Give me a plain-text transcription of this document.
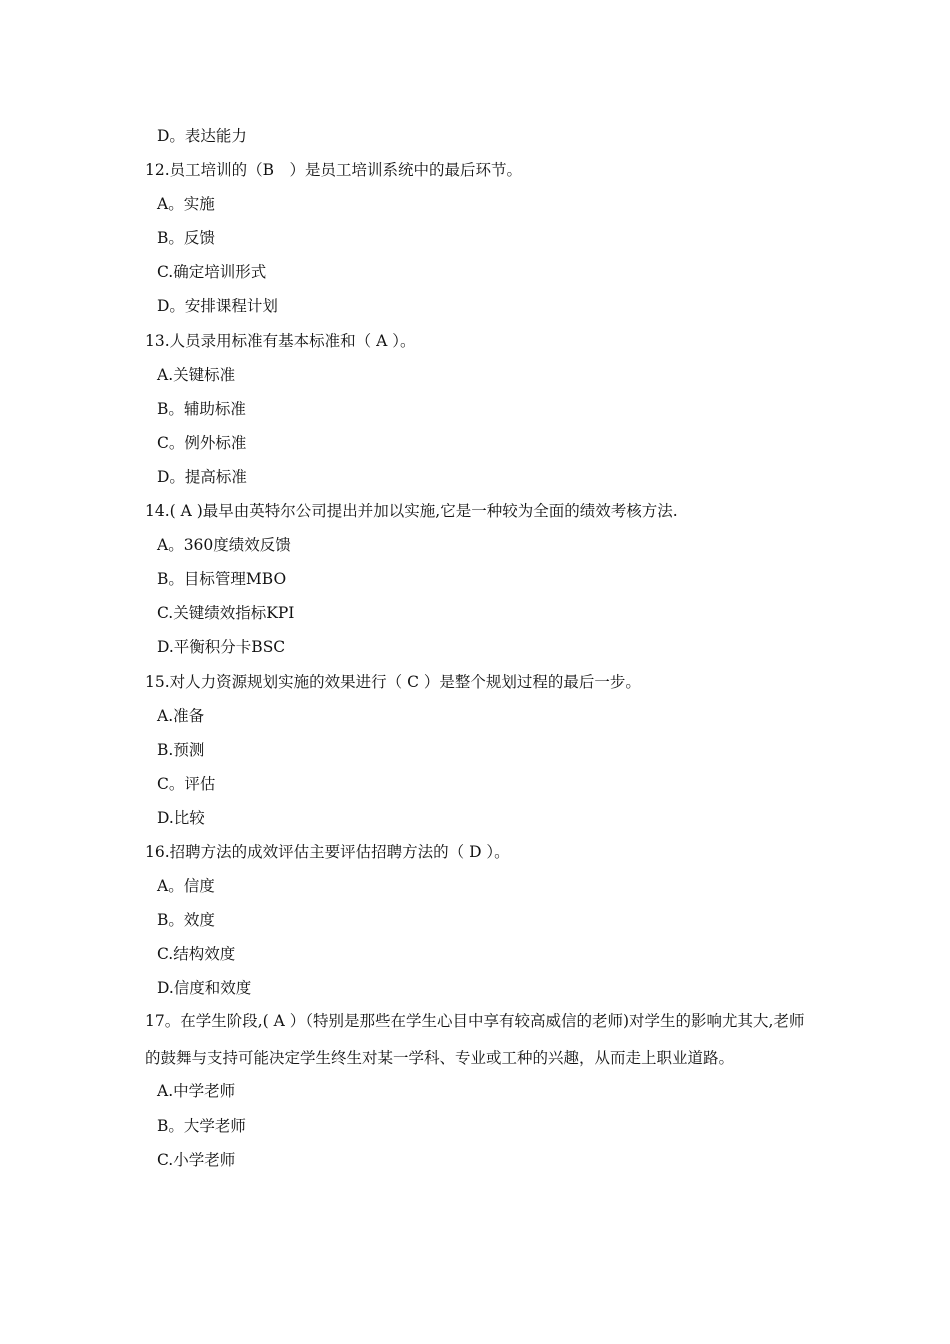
D。表达能力
12.员工培训的（B　）是员工培训系统中的最后环节。
A。实施
B。反馈
C.确定培训形式
D。安排课程计划
13.人员录用标准有基本标准和（ A ）。
A.关键标准
B。辅助标准
C。例外标准
D。提高标准
14.( A )最早由英特尔公司提出并加以实施,它是一种较为全面的绩效考核方法.
A。360度绩效反馈
B。目标管理MBO
C.关键绩效指标KPI
D.平衡积分卡BSC
15.对人力资源规划实施的效果进行（ C ）是整个规划过程的最后一步。
A.准备
B.预测
C。评估
D.比较
16.招聘方法的成效评估主要评估招聘方法的（ D ）。
A。信度
B。效度
C.结构效度
D.信度和效度
17。在学生阶段,( A ）（特别是那些在学生心目中享有较高威信的老师)对学生的影响尤其大,老师的鼓舞与支持可能决定学生终生对某一学科、专业或工种的兴趣，从而走上职业道路。
A.中学老师
B。大学老师
C.小学老师
